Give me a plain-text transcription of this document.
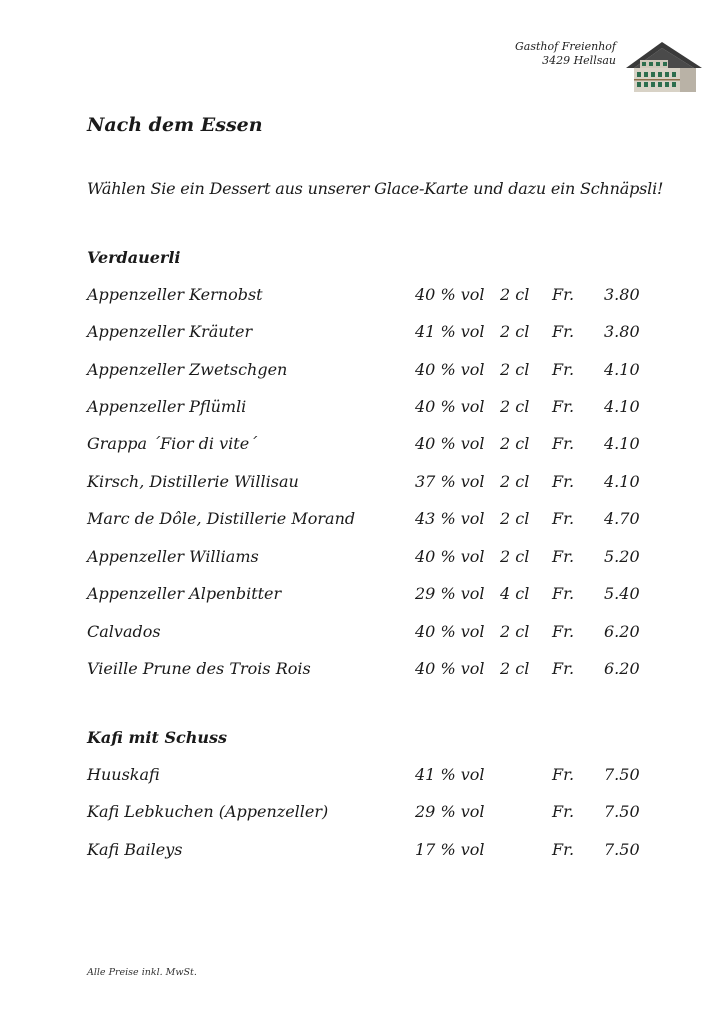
Gasthof Freienhof
3429 Hellsau
Nach dem Essen

Wählen Sie ein Dessert aus unserer Glace-Karte und dazu ein Schnäpsli!

Verdauerli
Appenzeller Kernobst	40 % vol 2 cl Fr. 3.80
Appenzeller Kräuter	41 % vol 2 cl Fr. 3.80
Appenzeller Zwetschgen	40 % vol 2 cl Fr. 4.10
Appenzeller Pflümli	40 % vol 2 cl Fr. 4.10
Grappa ´Fior di vite´	40 % vol 2 cl Fr. 4.10
Kirsch, Distillerie Willisau	37 % vol 2 cl Fr. 4.10
Marc de Dôle, Distillerie Morand	43 % vol 2 cl Fr. 4.70
Appenzeller Williams	40 % vol 2 cl Fr. 5.20
Appenzeller Alpenbitter	29 % vol 4 cl Fr. 5.40
Calvados	40 % vol 2 cl Fr. 6.20
Vieille Prune des Trois Rois	40 % vol 2 cl Fr. 6.20
Kafi mit Schuss
Huuskafi	41 % vol	Fr. 7.50
Kafi Lebkuchen (Appenzeller)	29 % vol	Fr. 7.50
Kafi Baileys	17 % vol	Fr. 7.50
Alle Preise inkl. MwSt.
